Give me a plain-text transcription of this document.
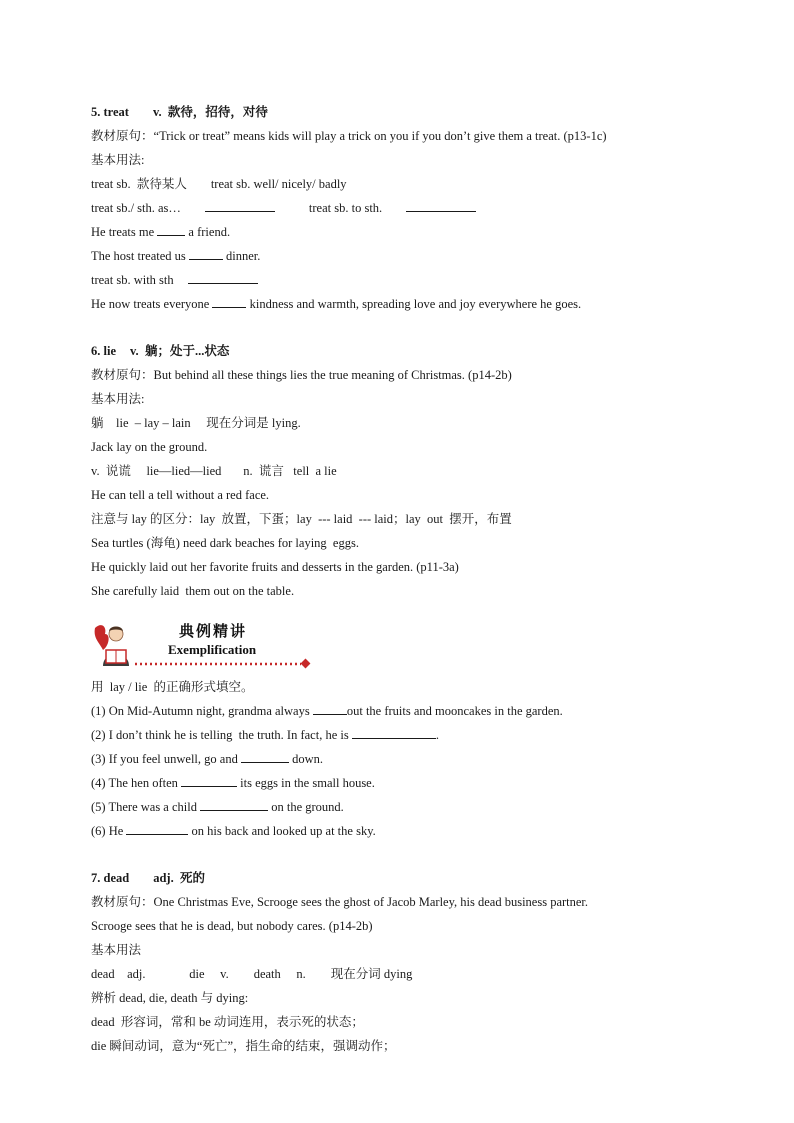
5. treat v. 款待，招待，对待
教材原句：“Trick or treat” means kids will play a trick on you if you don’t give them a treat. (p13-1c)
基本用法:
treat sb.  款待某人 treat sb. well/ nicely/ badly
treat sb./ sth. as…	treat sb. to sth.
He treats me	a friend.
The host treated us	dinner.
treat sb. with sth
He now treats everyone	kindness and warmth, spreading love and joy everywhere he goes.
6. lie v. 躺；处于...状态
教材原句：But behind all these things lies the true meaning of Christmas. (p14-2b)
基本用法:
躺    lie  – lay – lain     现在分词是 lying.
Jack lay on the ground.
v.  说谎     lie—lied—lied       n.  谎言   tell  a lie
He can tell a tell without a red face.
注意与 lay 的区分：lay  放置，下蛋；lay  --- laid  --- laid；lay  out  摆开，布置
Sea turtles (海龟) need dark beaches for laying  eggs.
He quickly laid out her favorite fruits and desserts in the garden. (p11-3a)
She carefully laid  them out on the table.
典例精讲
Exemplification
用  lay / lie  的正确形式填空。
(1) On Mid-Autumn night, grandma always	out the fruits and mooncakes in the garden.
(2) I don’t think he is telling  the truth. In fact, he is	.
(3) If you feel unwell, go and	down.
(4) The hen often	its eggs in the small house.
(5) There was a child	on the ground.
(6) He	on his back and looked up at the sky.
7. dead adj. 死的
教材原句：One Christmas Eve, Scrooge sees the ghost of Jacob Marley, his dead business partner.
Scrooge sees that he is dead, but nobody cares. (p14-2b)
基本用法
dead    adj.              die     v.        death     n.        现在分词 dying
辨析 dead, die, death 与 dying:
dead  形容词，常和 be 动词连用，表示死的状态；
die 瞬间动词，意为“死亡”，指生命的结束，强调动作；
